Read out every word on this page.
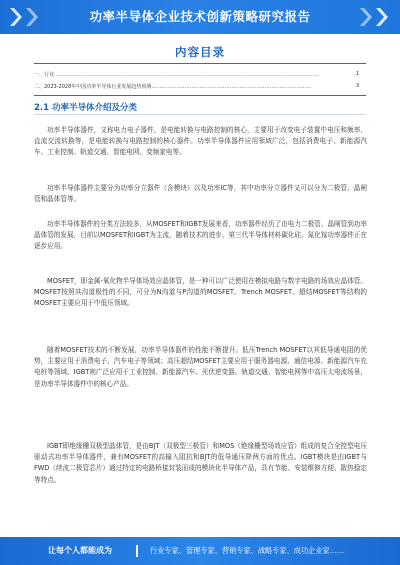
功率半导体企业技术创新策略研究报告
内容目录
一、行业……………………………………………………………………………………………………………………………………………	1
二、2023-2028年中国功率半导体行业发展趋势预测……………………………………………………………………………………	3
2.1 功率半导体介绍及分类

功率半导体器件，又称电力电子器件，是电能转换与电路控制的核心，主要用于改变电子装置中电压和频率、直流交流转换等，是电能转换与电路控制的核心器件。功率半导体器件应用领域广泛，包括消费电子、新能源汽车、工业控制、轨道交通、智能电网、变频家电等。

功率半导体器件主要分为功率分立器件（含模块）以及功率IC等，其中功率分立器件又可以分为二极管、晶闸管和晶体管等。

功率半导体器件的分类方法较多，从MOSFET和IGBT发展来看，功率器件经历了由电力二极管、晶闸管到功率晶体管的发展，目前以MOSFET和IGBT为主流，随着技术的进步，第三代半导体材料碳化硅、氮化镓功率器件正在逐步应用。

MOSFET，即金属-氧化物半导体场效应晶体管，是一种可以广泛使用在模拟电路与数字电路的场效应晶体管。MOSFET按照其沟道极性的不同，可分为N沟道与P沟道的MOSFET。Trench MOSFET、超结MOSFET等结构的MOSFET主要应用于中低压领域。

随着MOSFET技术的不断发展，功率半导体器件的性能不断提升。低压Trench MOSFET以其低导通电阻的优势，主要应用于消费电子、汽车电子等领域；高压超结MOSFET主要应用于服务器电源、通信电源、新能源汽车充电桩等领域。IGBT则广泛应用于工业控制、新能源汽车、光伏逆变器、轨道交通、智能电网等中高压大电流场景，是功率半导体器件中的核心产品。

IGBT即绝缘栅双极型晶体管，是由BJT（双极型三极管）和MOS（绝缘栅型场效应管）组成的复合全控型电压驱动式功率半导体器件，兼有MOSFET的高输入阻抗和BJT的低导通压降两方面的优点。IGBT模块是由IGBT与FWD（续流二极管芯片）通过特定的电路桥接封装而成的模块化半导体产品，具有节能、安装维修方便、散热稳定等特点。

让每个人都能成为	行业专家、管理专家、营销专家、战略专家、成功企业家……
